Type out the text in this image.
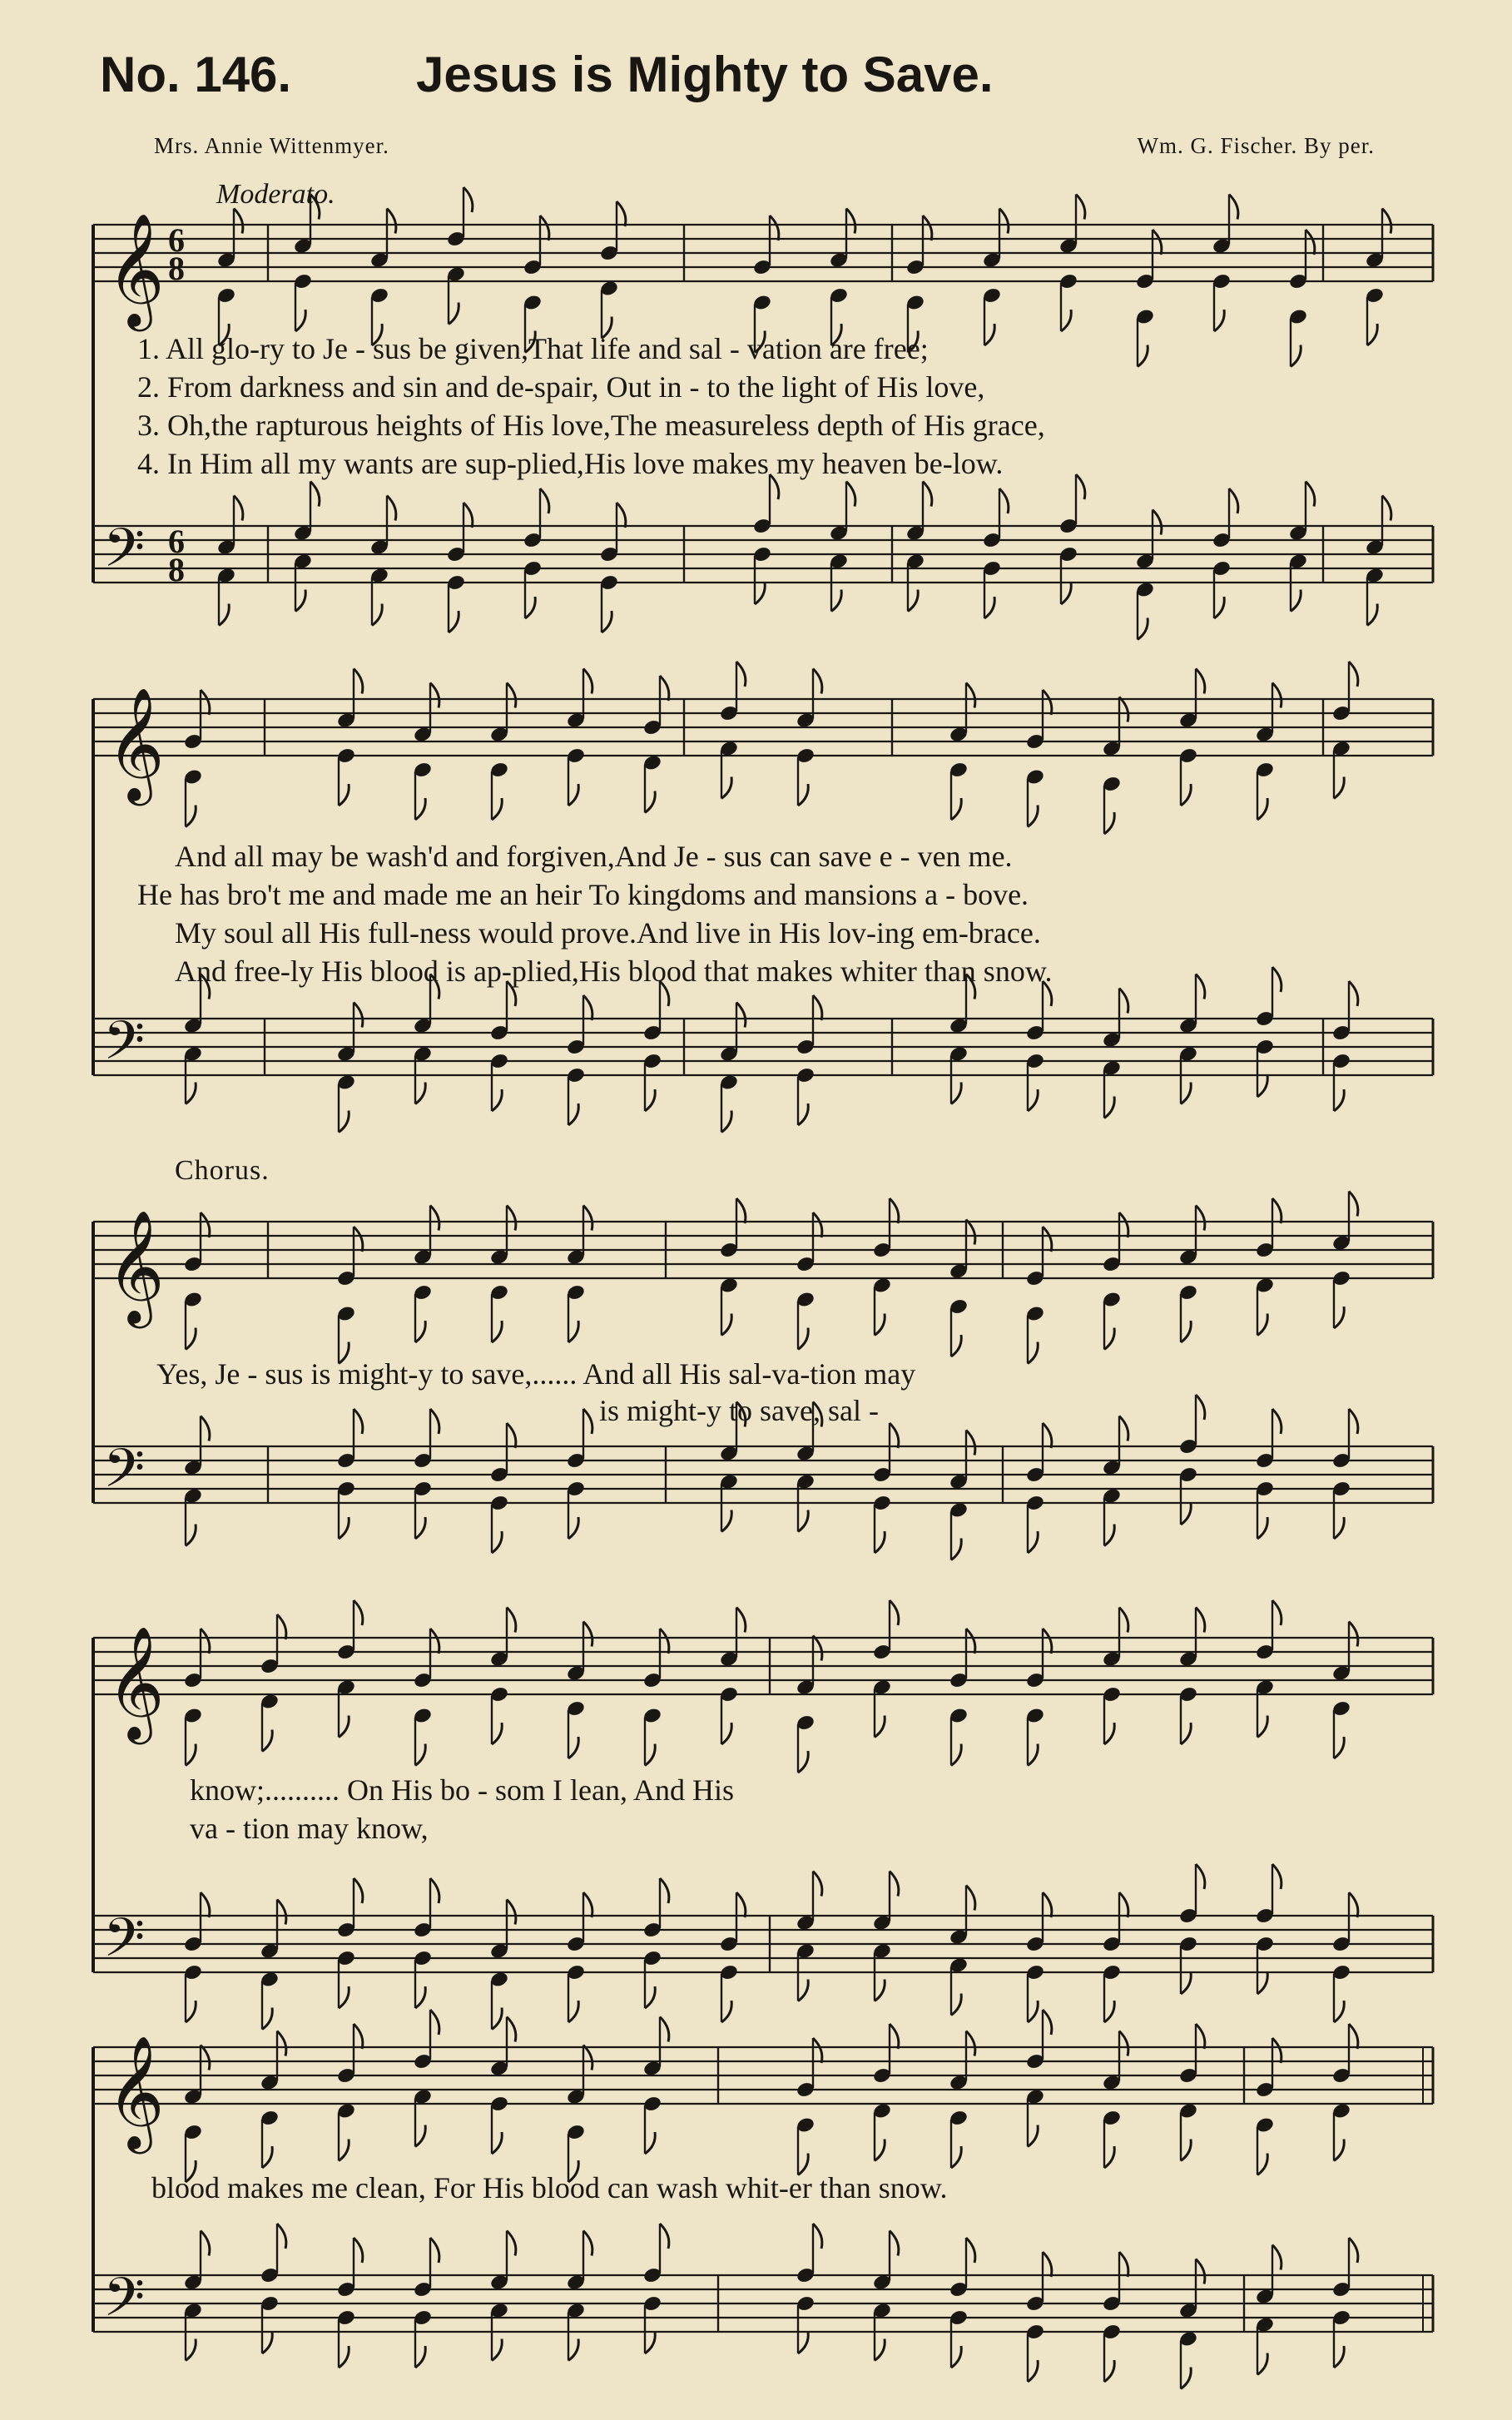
No. 146. Jesus is Mighty to Save.
Mrs. Annie Wittenmyer.	Wm. G. Fischer. By per.
Moderato.
𝄞
𝄢
6
8
6
8
𝄞
𝄢
𝄞
𝄢
𝄞
𝄢
𝄞
𝄢
1. All glo-ry to Je - sus be given,That life and sal - vation are free;
2. From darkness and sin and de-spair, Out in - to the light of His love,
3. Oh,the rapturous heights of His love,The measureless depth of His grace,
4. In Him all my wants are sup-plied,His love makes my heaven be-low.
And all may be wash'd and forgiven,And Je - sus can save e - ven me.
He has bro't me and made me an heir To kingdoms and mansions a - bove.
My soul all His full-ness would prove.And live in His lov-ing em-brace.
And free-ly His blood is ap-plied,His blood that makes whiter than snow.
Chorus.
Yes, Je - sus is might-y to save,...... And all His sal-va-tion may
is might-y to save, sal -
know;.......... On His bo - som I lean, And His
va - tion may know,
blood makes me clean, For His blood can wash whit-er than snow.
